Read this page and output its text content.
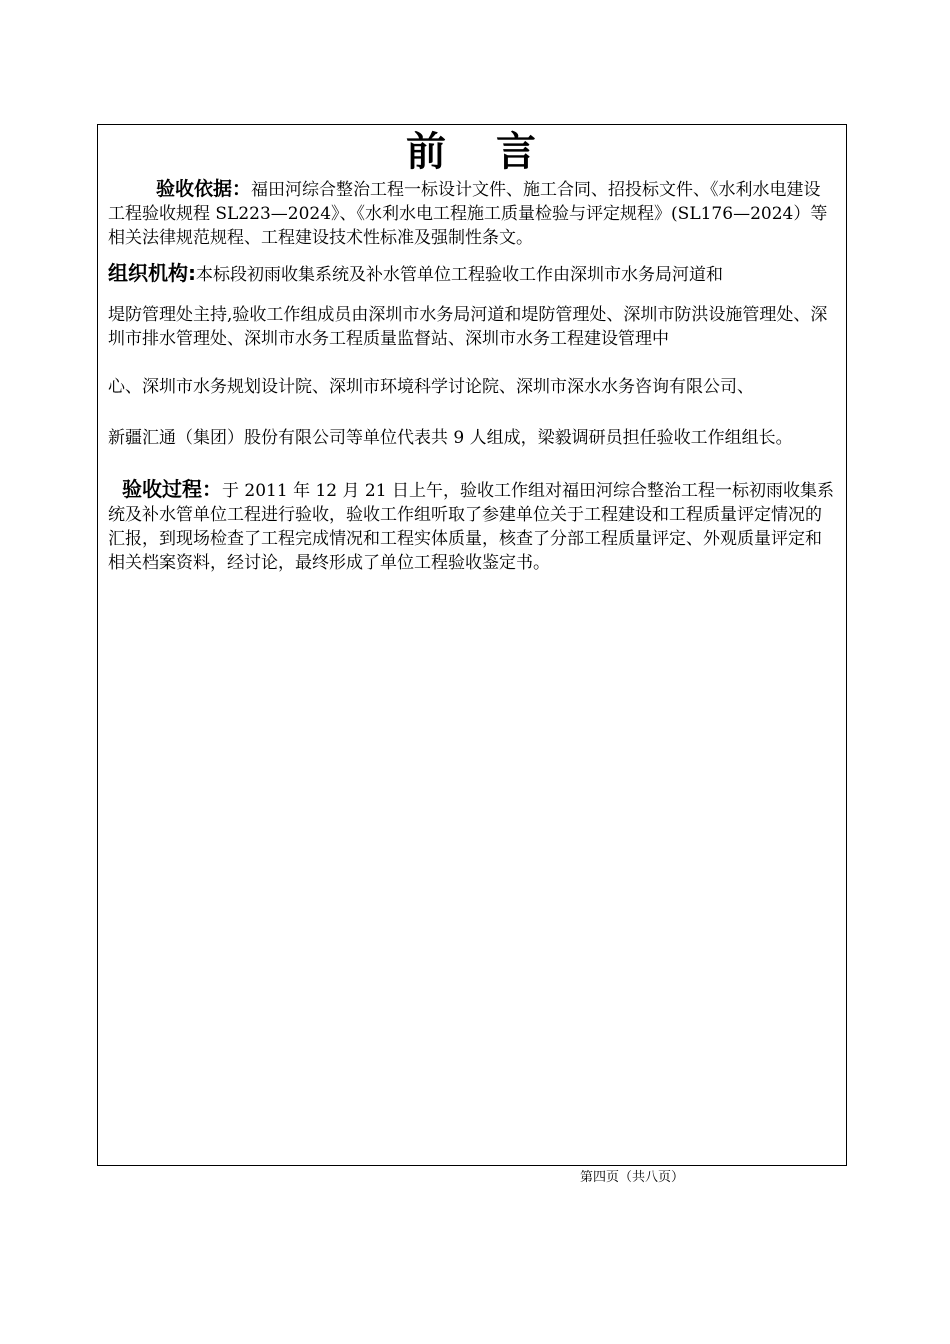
前 言
验收依据：福田河综合整治工程一标设计文件、施工合同、招投标文件、《水利水电建设工程验收规程 SL223—2024》、《水利水电工程施工质量检验与评定规程》(SL176—2024）等相关法律规范规程、工程建设技术性标准及强制性条文。
组织机构:本标段初雨收集系统及补水管单位工程验收工作由深圳市水务局河道和
堤防管理处主持,验收工作组成员由深圳市水务局河道和堤防管理处、深圳市防洪设施管理处、深圳市排水管理处、深圳市水务工程质量监督站、深圳市水务工程建设管理中
心、深圳市水务规划设计院、深圳市环境科学讨论院、深圳市深水水务咨询有限公司、
新疆汇通（集团）股份有限公司等单位代表共 9 人组成，梁毅调研员担任验收工作组组长。
验收过程：于 2011 年 12 月 21 日上午，验收工作组对福田河综合整治工程一标初雨收集系统及补水管单位工程进行验收，验收工作组听取了参建单位关于工程建设和工程质量评定情况的汇报，到现场检查了工程完成情况和工程实体质量，核查了分部工程质量评定、外观质量评定和相关档案资料，经讨论，最终形成了单位工程验收鉴定书。
第四页（共八页）
